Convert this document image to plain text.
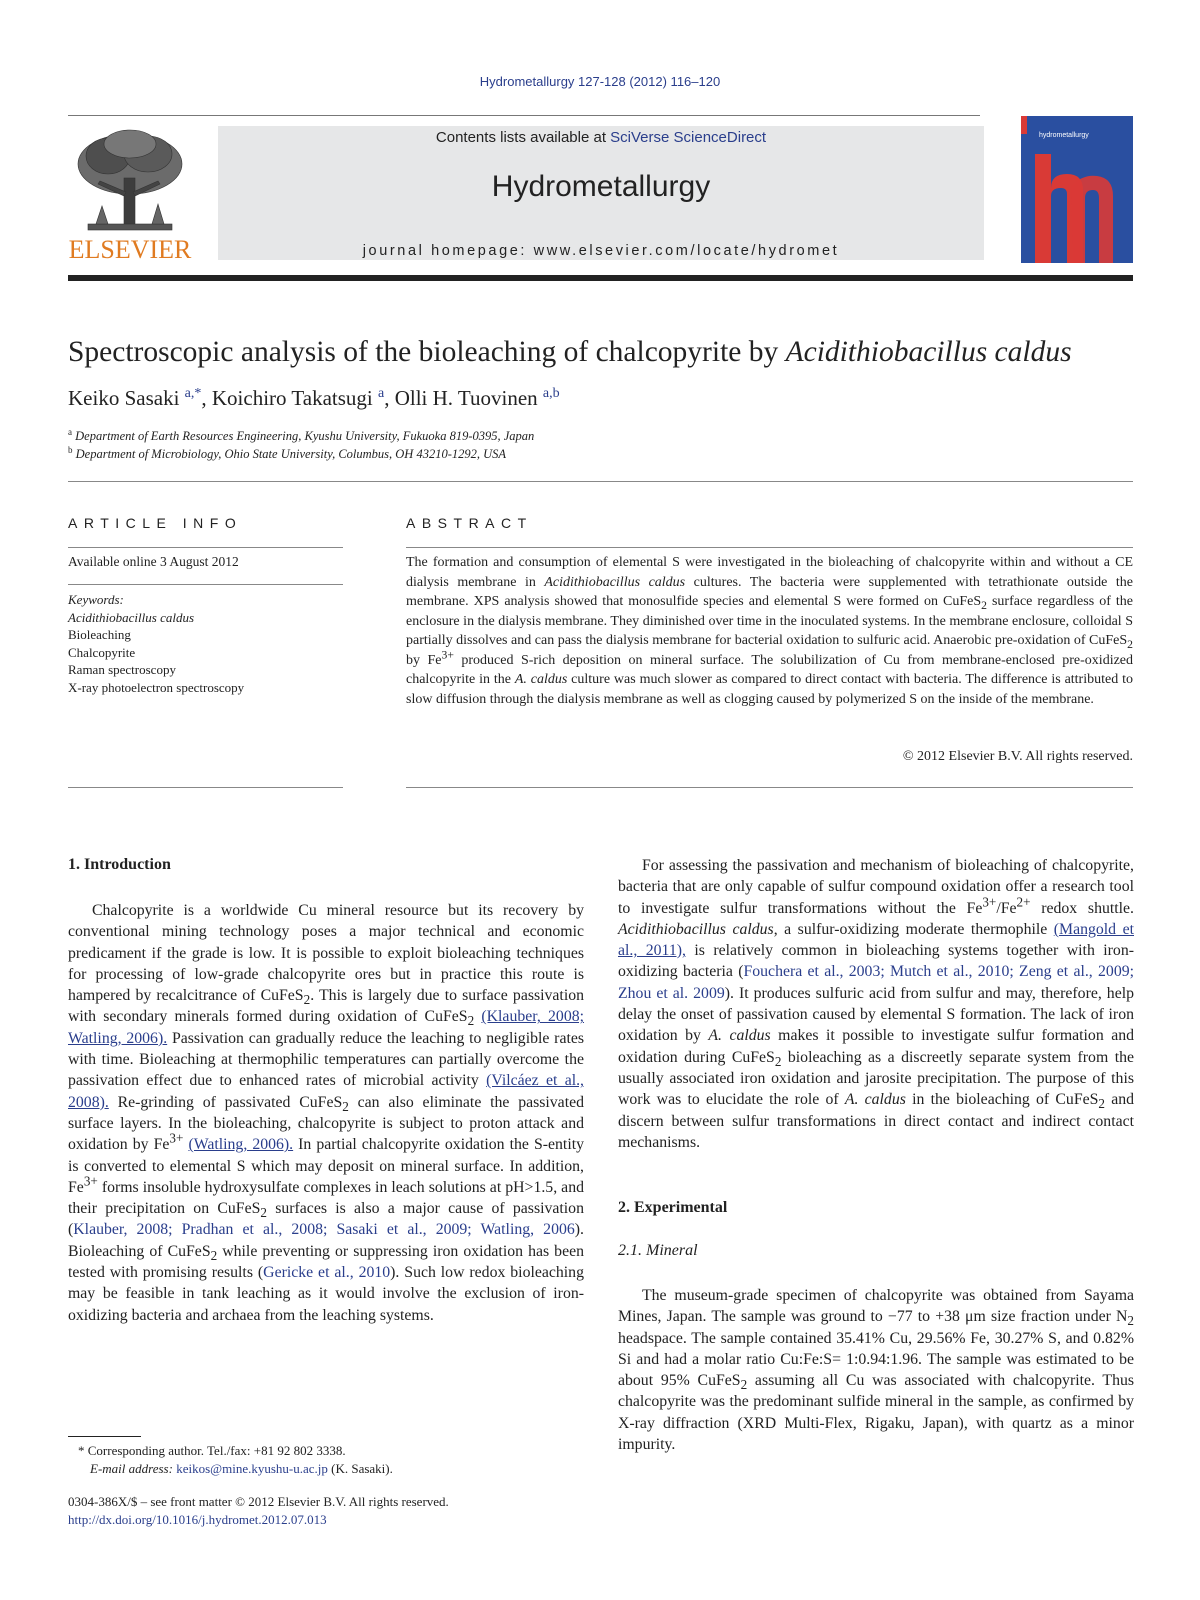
Hydrometallurgy 127-128 (2012) 116–120
ELSEVIER
Contents lists available at SciVerse ScienceDirect
Hydrometallurgy
journal homepage: www.elsevier.com/locate/hydromet
hydrometallurgy
Spectroscopic analysis of the bioleaching of chalcopyrite by Acidithiobacillus caldus
Keiko Sasaki $^{a,*}$, Koichiro Takatsugi $^a$, Olli H. Tuovinen $^{a,b}$
$^a$ Department of Earth Resources Engineering, Kyushu University, Fukuoka 819-0395, Japan
$^b$ Department of Microbiology, Ohio State University, Columbus, OH 43210-1292, USA
ARTICLE INFO
Available online 3 August 2012
Keywords:
Acidithiobacillus caldus
Bioleaching
Chalcopyrite
Raman spectroscopy
X-ray photoelectron spectroscopy
ABSTRACT
The formation and consumption of elemental S were investigated in the bioleaching of chalcopyrite within and without a CE dialysis membrane in Acidithiobacillus caldus cultures. The bacteria were supplemented with tetrathionate outside the membrane. XPS analysis showed that monosulfide species and elemental S were formed on CuFeS$_2$ surface regardless of the enclosure in the dialysis membrane. They diminished over time in the inoculated systems. In the membrane enclosure, colloidal S partially dissolves and can pass the dialysis membrane for bacterial oxidation to sulfuric acid. Anaerobic pre-oxidation of CuFeS$_2$ by $Fe^{3+}$ produced S-rich deposition on mineral surface. The solubilization of Cu from membrane-enclosed pre-oxidized chalcopyrite in the A. caldus culture was much slower as compared to direct contact with bacteria. The difference is attributed to slow diffusion through the dialysis membrane as well as clogging caused by polymerized S on the inside of the membrane.
© 2012 Elsevier B.V. All rights reserved.
1. Introduction

Chalcopyrite is a worldwide Cu mineral resource but its recovery by conventional mining technology poses a major technical and economic predicament if the grade is low. It is possible to exploit bioleaching techniques for processing of low-grade chalcopyrite ores but in practice this route is hampered by recalcitrance of CuFeS$_2$. This is largely due to surface passivation with secondary minerals formed during oxidation of CuFeS$_2$ (Klauber, 2008; Watling, 2006). Passivation can gradually reduce the leaching to negligible rates with time. Bioleaching at thermophilic temperatures can partially overcome the passivation effect due to enhanced rates of microbial activity (Vilcáez et al., 2008). Re-grinding of passivated CuFeS$_2$ can also eliminate the passivated surface layers. In the bioleaching, chalcopyrite is subject to proton attack and oxidation by $Fe^{3+}$ (Watling, 2006). In partial chalcopyrite oxidation the S-entity is converted to elemental S which may deposit on mineral surface. In addition, $Fe^{3+}$ forms insoluble hydroxysulfate complexes in leach solutions at pH>1.5, and their precipitation on CuFeS$_2$ surfaces is also a major cause of passivation (Klauber, 2008; Pradhan et al., 2008; Sasaki et al., 2009; Watling, 2006). Bioleaching of CuFeS$_2$ while preventing or suppressing iron oxidation has been tested with promising results (Gericke et al., 2010). Such low redox bioleaching may be feasible in tank leaching as it would involve the exclusion of iron-oxidizing bacteria and archaea from the leaching systems.

For assessing the passivation and mechanism of bioleaching of chalcopyrite, bacteria that are only capable of sulfur compound oxidation offer a research tool to investigate sulfur transformations without the $Fe^{3+}/Fe^{2+}$ redox shuttle. Acidithiobacillus caldus, a sulfur-oxidizing moderate thermophile (Mangold et al., 2011), is relatively common in bioleaching systems together with iron-oxidizing bacteria (Fouchera et al., 2003; Mutch et al., 2010; Zeng et al., 2009; Zhou et al. 2009). It produces sulfuric acid from sulfur and may, therefore, help delay the onset of passivation caused by elemental S formation. The lack of iron oxidation by A. caldus makes it possible to investigate sulfur formation and oxidation during CuFeS$_2$ bioleaching as a discreetly separate system from the usually associated iron oxidation and jarosite precipitation. The purpose of this work was to elucidate the role of A. caldus in the bioleaching of CuFeS$_2$ and discern between sulfur transformations in direct contact and indirect contact mechanisms.

2. Experimental
2.1. Mineral

The museum-grade specimen of chalcopyrite was obtained from Sayama Mines, Japan. The sample was ground to −77 to +38 μm size fraction under $N_2$ headspace. The sample contained 35.41% Cu, 29.56% Fe, 30.27% S, and 0.82% Si and had a molar ratio Cu:Fe:S= 1:0.94:1.96. The sample was estimated to be about 95% CuFeS$_2$ assuming all Cu was associated with chalcopyrite. Thus chalcopyrite was the predominant sulfide mineral in the sample, as confirmed by X-ray diffraction (XRD Multi-Flex, Rigaku, Japan), with quartz as a minor impurity.

* Corresponding author. Tel./fax: +81 92 802 3338.
E-mail address: keikos@mine.kyushu-u.ac.jp (K. Sasaki).
0304-386X/$ – see front matter © 2012 Elsevier B.V. All rights reserved.
http://dx.doi.org/10.1016/j.hydromet.2012.07.013
